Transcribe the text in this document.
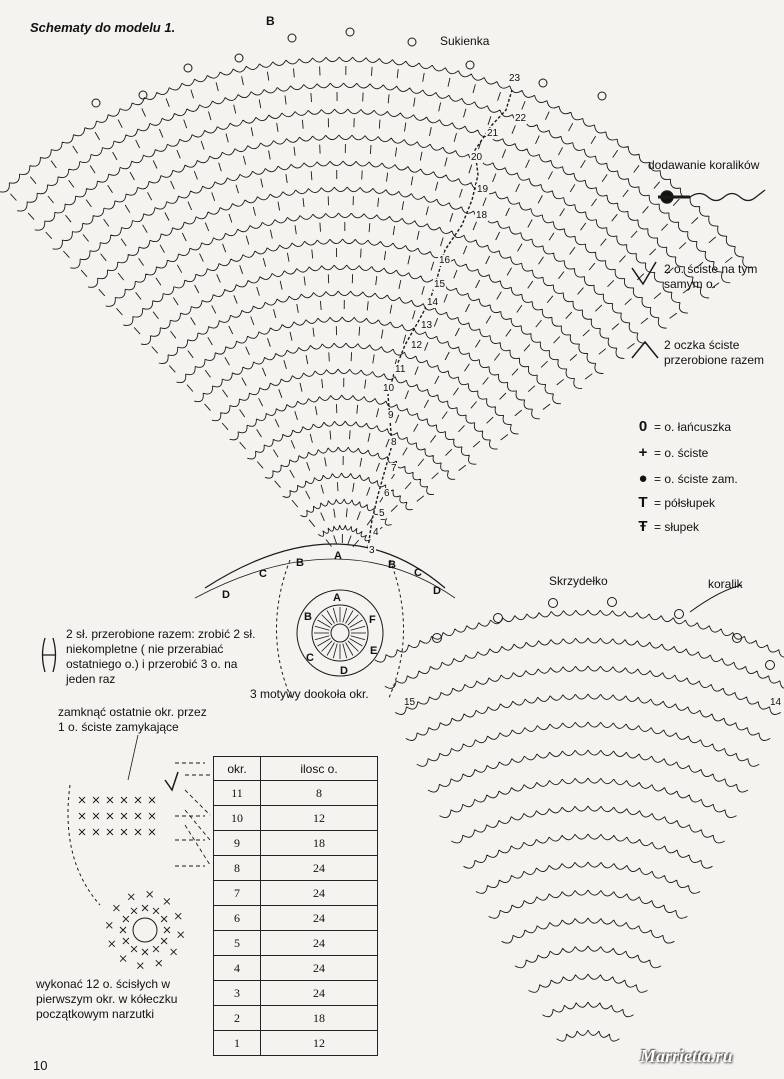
Schematy do modelu 1.	B
Sukienka
23
22
21
20
19
18
16
15
14
13
12
11
10
9
8
7
6
5
4
3
D
C
B
A
B
C
D
B
A
F
E
D
C
3 motywy dookoła okr.
dodawanie koralików
2 o. ściste na tym samym o.
2 oczka ściste przerobione razem
0 = o. łańcuszka
+ = o. ściste
● = o. ściste zam.
T = półsłupek
Ŧ = słupek
2 sł. przerobione razem: zrobić 2 sł. niekompletne ( nie przerabiać ostatniego o.) i przerobić 3 o. na jeden raz
zamknąć ostatnie okr. przez 1 o. ściste zamykające
wykonać 12 o. ścisłych w pierwszym okr. w kółeczku początkowym narzutki
Skrzydełko	koralik
15	14
okr.	ilosc o.
11	8
10	12
9	18
8	24
7	24
6	24
5	24
4	24
3	24
2	18
1	12
10	Marrietta.ru
